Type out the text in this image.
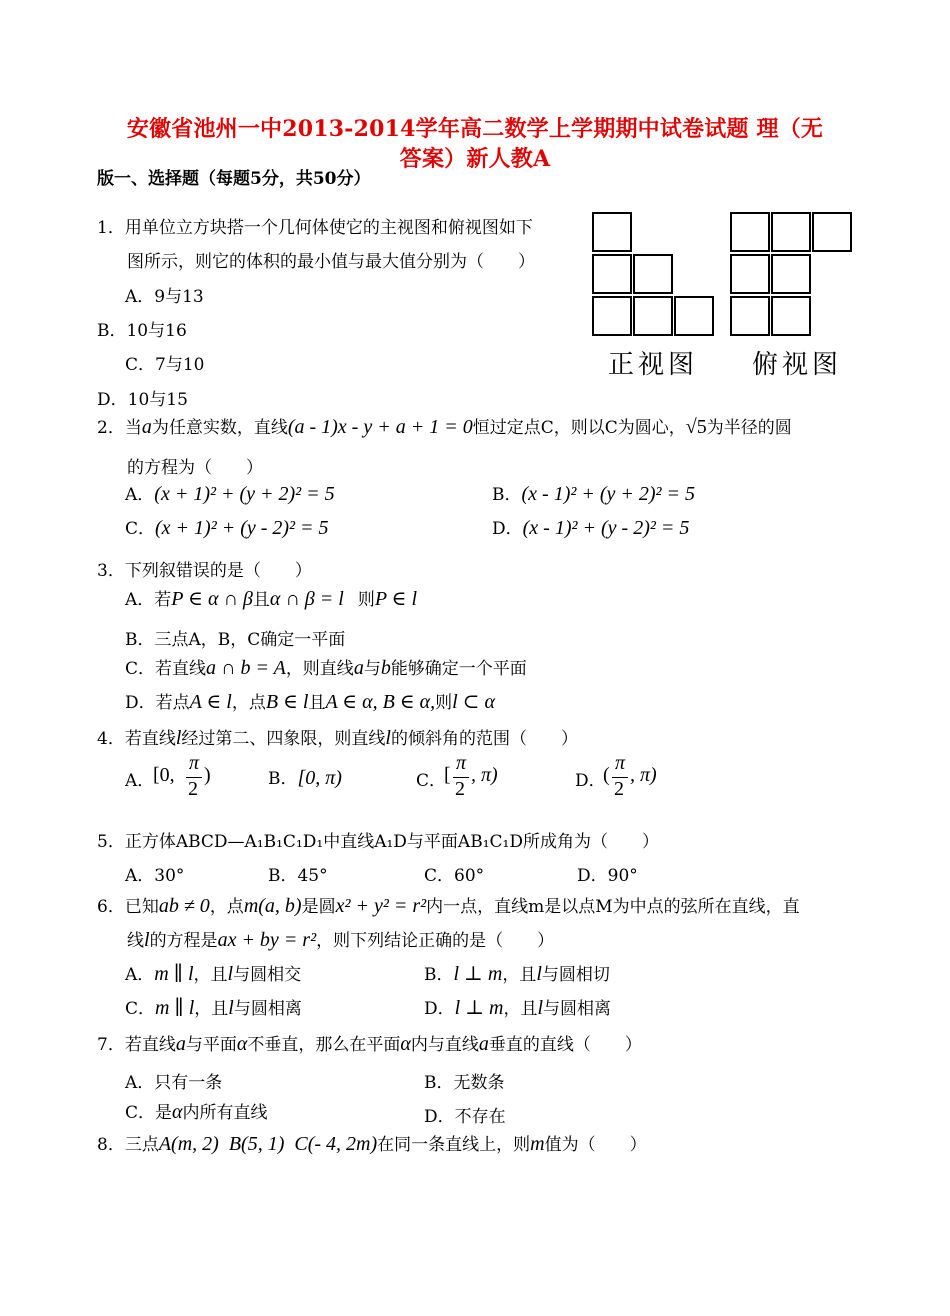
安徽省池州一中2013-2014学年高二数学上学期期中试卷试题 理（无
答案）新人教A
版一、选择题（每题5分，共50分）
正视图 俯视图
1．用单位立方块搭一个几何体使它的主视图和俯视图如下
图所示，则它的体积的最小值与最大值分别为（　　）
A．9与13
B．10与16
C．7与10
D．10与15
2．当a为任意实数，直线(a - 1)x - y + a + 1 = 0恒过定点C，则以C为圆心，√5为半径的圆
的方程为（　　）
A．(x + 1)² + (y + 2)² = 5	B．(x - 1)² + (y + 2)² = 5
C．(x + 1)² + (y - 2)² = 5	D．(x - 1)² + (y - 2)² = 5
3．下列叙错误的是（　　）
A．若P ∈ α ∩ β且α ∩ β = l 则P ∈ l
B．三点A，B，C确定一平面
C．若直线a ∩ b = A，则直线a与b能够确定一个平面
D．若点A ∈ l，点B ∈ l且A ∈ α, B ∈ α,则l ⊂ α
4．若直线l经过第二、四象限，则直线l的倾斜角的范围（　　）
A．
[0,
π
2
)	B．[0, π)	C．
[
π
2
, π)	D．
(
π
2
, π)
5．正方体ABCD—A₁B₁C₁D₁中直线A₁D与平面AB₁C₁D所成角为（　　）
A．30°	B．45°	C．60°	D．90°
6．已知ab ≠ 0，点m(a, b)是圆x² + y² = r²内一点，直线m是以点M为中点的弦所在直线，直
线l的方程是ax + by = r²，则下列结论正确的是（　　）
A．m ∥ l，且l与圆相交	B．l ⊥ m，且l与圆相切
C．m ∥ l，且l与圆相离	D．l ⊥ m，且l与圆相离
7．若直线a与平面α不垂直，那么在平面α内与直线a垂直的直线（　　）
A．只有一条	B．无数条
C．是α内所有直线	D．不存在
8．三点A(m, 2) B(5, 1) C(- 4, 2m)在同一条直线上，则m值为（　　）
